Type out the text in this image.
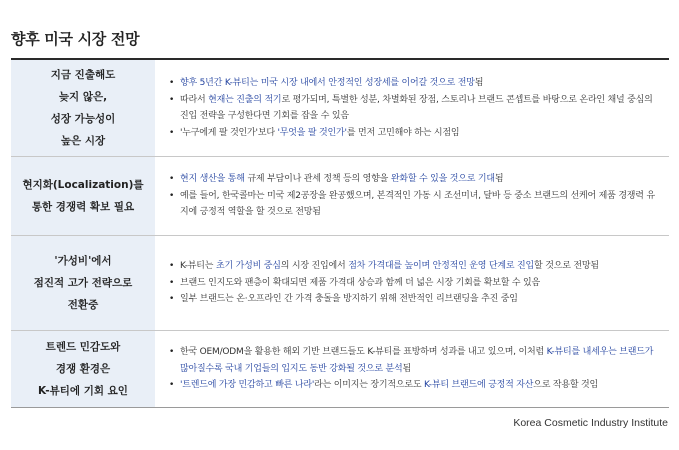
향후 미국 시장 전망
지금 진출해도
늦지 않은,
성장 가능성이
높은 시장
• 향후 5년간 K-뷰티는 미국 시장 내에서 안정적인 성장세를 이어갈 것으로 전망됨
• 따라서 현재는 진출의 적기로 평가되며, 특별한 성분, 차별화된 장점, 스토리나 브랜드 콘셉트를 바탕으로 온라인 채널 중심의 진입 전략을 구성한다면 기회를 잡을 수 있음
• '누구에게 팔 것인가'보다 '무엇을 팔 것인가'를 먼저 고민해야 하는 시점임
현지화(Localization)를
통한 경쟁력 확보 필요
• 현지 생산을 통해 규제 부담이나 관세 정책 등의 영향을 완화할 수 있을 것으로 기대됨
• 예를 들어, 한국콜마는 미국 제2공장을 완공했으며, 본격적인 가동 시 조선미녀, 달바 등 중소 브랜드의 선케어 제품 경쟁력 유지에 긍정적 역할을 할 것으로 전망됨
'가성비'에서
점진적 고가 전략으로
전환중
• K-뷰티는 초기 가성비 중심의 시장 진입에서 점차 가격대를 높이며 안정적인 운영 단계로 진입할 것으로 전망됨
• 브랜드 인지도와 팬층이 확대되면 제품 가격대 상승과 함께 더 넓은 시장 기회를 확보할 수 있음
• 일부 브랜드는 온·오프라인 간 가격 충돌을 방지하기 위해 전반적인 리브랜딩을 추진 중임
트렌드 민감도와
경쟁 환경은
K-뷰티에 기회 요인
• 한국 OEM/ODM을 활용한 해외 기반 브랜드들도 K-뷰티를 표방하며 성과를 내고 있으며, 이처럼 K-뷰티를 내세우는 브랜드가 많아질수록 국내 기업들의 입지도 동반 강화될 것으로 분석됨
• '트렌드에 가장 민감하고 빠른 나라'라는 이미지는 장기적으로도 K-뷰티 브랜드에 긍정적 자산으로 작용할 것임
Korea Cosmetic Industry Institute
